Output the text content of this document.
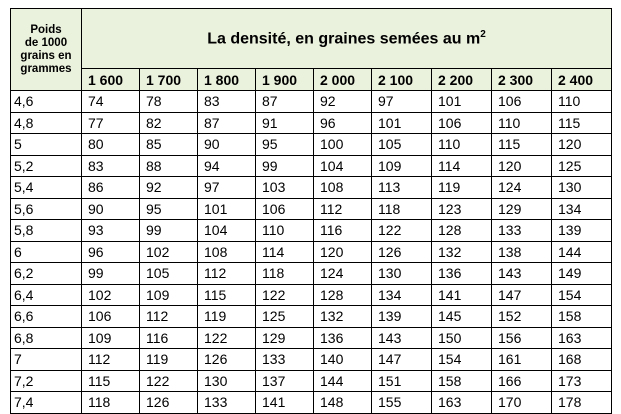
Poids
de 1000
grains en
grammes	La densité, en graines semées au $m^2$
	1 600	1 700	1 800	1 900	2 000	2 100	2 200	2 300	2 400
4,6	74	78	83	87	92	97	101	106	110
4,8	77	82	87	91	96	101	106	110	115
5	80	85	90	95	100	105	110	115	120
5,2	83	88	94	99	104	109	114	120	125
5,4	86	92	97	103	108	113	119	124	130
5,6	90	95	101	106	112	118	123	129	134
5,8	93	99	104	110	116	122	128	133	139
6	96	102	108	114	120	126	132	138	144
6,2	99	105	112	118	124	130	136	143	149
6,4	102	109	115	122	128	134	141	147	154
6,6	106	112	119	125	132	139	145	152	158
6,8	109	116	122	129	136	143	150	156	163
7	112	119	126	133	140	147	154	161	168
7,2	115	122	130	137	144	151	158	166	173
7,4	118	126	133	141	148	155	163	170	178
